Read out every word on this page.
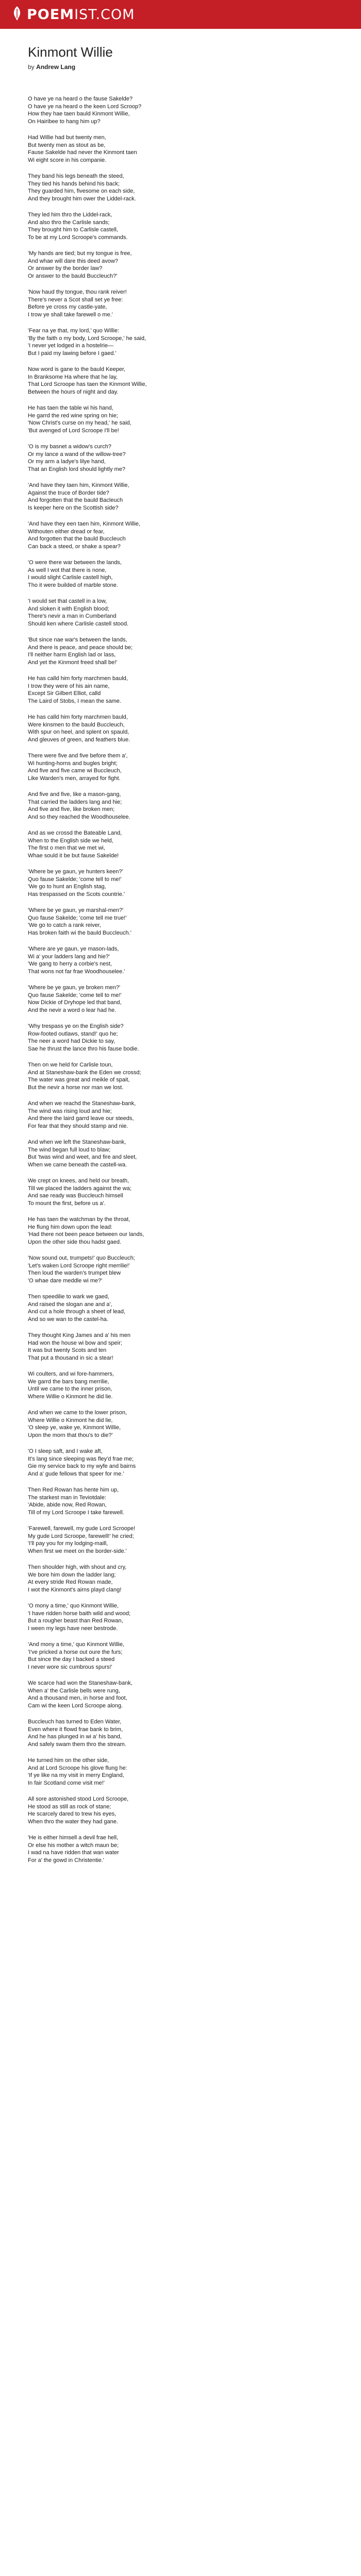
POEMIST.COM
Kinmont Willie
by Andrew Lang

O have ye na heard o the fause Sakelde?
O have ye na heard o the keen Lord Scroop?
How they hae taen bauld Kinmont Willie,
On Hairibee to hang him up?

Had Willie had but twenty men,
But twenty men as stout as be,
Fause Sakelde had never the Kinmont taen
Wi eight score in his companie.

They band his legs beneath the steed,
They tied his hands behind his back;
They guarded him, fivesome on each side,
And they brought him ower the Liddel-rack.

They led him thro the Liddel-rack,
And also thro the Carlisle sands;
They brought him to Carlisle castell,
To be at my Lord Scroope's commands.

'My hands are tied; but my tongue is free,
And whae will dare this deed avow?
Or answer by the border law?
Or answer to the bauld Buccleuch?'

'Now haud thy tongue, thou rank reiver!
There's never a Scot shall set ye free:
Before ye cross my castle-yate,
I trow ye shall take farewell o me.'

'Fear na ye that, my lord,' quo Willie:
'By the faith o my body, Lord Scroope,' he said,
'I never yet lodged in a hostelrie—
But I paid my lawing before I gaed.'

Now word is gane to the bauld Keeper,
In Branksome Ha where that he lay,
That Lord Scroope has taen the Kinmont Willie,
Between the hours of night and day.

He has taen the table wi his hand,
He garrd the red wine spring on hie;
'Now Christ's curse on my head,' he said,
'But avenged of Lord Scroope I'll be!

'O is my basnet a widow's curch?
Or my lance a wand of the willow-tree?
Or my arm a ladye's lilye hand,
That an English lord should lightly me?

'And have they taen him, Kinmont Willie,
Against the truce of Border tide?
And forgotten that the bauld Bacleuch
Is keeper here on the Scottish side?

'And have they een taen him, Kinmont Willie,
Withouten either dread or fear,
And forgotten that the bauld Buccleuch
Can back a steed, or shake a spear?

'O were there war between the lands,
As well I wot that there is none,
I would slight Carlisle castell high,
Tho it were builded of marble stone.

'I would set that castell in a low,
And sloken it with English blood;
There's nevir a man in Cumberland
Should ken where Carlisle castell stood.

'But since nae war's between the lands,
And there is peace, and peace should be;
I'll neither harm English lad or lass,
And yet the Kinmont freed shall be!'

He has calld him forty marchmen bauld,
I trow they were of his ain name,
Except Sir Gilbert Elliot, calld
The Laird of Stobs, I mean the same.

He has calld him forty marchmen bauld,
Were kinsmen to the bauld Buccleuch,
With spur on heel, and splent on spauld,
And gleuves of green, and feathers blue.

There were five and five before them a',
Wi hunting-horns and bugles bright;
And five and five came wi Buccleuch,
Like Warden's men, arrayed for fight.

And five and five, like a mason-gang,
That carried the ladders lang and hie;
And five and five, like broken men;
And so they reached the Woodhouselee.

And as we crossd the Bateable Land,
When to the English side we held,
The first o men that we met wi,
Whae sould it be but fause Sakelde!

'Where be ye gaun, ye hunters keen?'
Quo fause Sakelde; 'come tell to me!'
'We go to hunt an English stag,
Has trespassed on the Scots countrie.'

'Where be ye gaun, ye marshal-men?'
Quo fause Sakelde; 'come tell me true!'
'We go to catch a rank reiver,
Has broken faith wi the bauld Buccleuch.'

'Where are ye gaun, ye mason-lads,
Wi a' your ladders lang and hie?'
'We gang to herry a corbie's nest,
That wons not far frae Woodhouselee.'

'Where be ye gaun, ye broken men?'
Quo fause Sakelde; 'come tell to me!'
Now Dickie of Dryhope led that band,
And the nevir a word o lear had he.

'Why trespass ye on the English side?
Row-footed outlaws, stand!' quo he;
The neer a word had Dickie to say,
Sae he thrust the lance thro his fause bodie.

Then on we held for Carlisle toun,
And at Staneshaw-bank the Eden we crossd;
The water was great and meikle of spait,
But the nevir a horse nor man we lost.

And when we reachd the Staneshaw-bank,
The wind was rising loud and hie;
And there the laird garrd leave our steeds,
For fear that they should stamp and nie.

And when we left the Staneshaw-bank,
The wind began full loud to blaw;
But 'twas wind and weet, and fire and sleet,
When we came beneath the castell-wa.

We crept on knees, and held our breath,
Till we placed the ladders against the wa;
And sae ready was Buccleuch himsell
To mount the first, before us a'.

He has taen the watchman by the throat,
He flung him down upon the lead:
'Had there not been peace between our lands,
Upon the other side thou hadst gaed.

'Now sound out, trumpets!' quo Buccleuch;
'Let's waken Lord Scroope right merrilie!'
Then loud the warden's trumpet blew
'O whae dare meddle wi me?'

Then speedilie to wark we gaed,
And raised the slogan ane and a',
And cut a hole through a sheet of lead,
And so we wan to the castel-ha.

They thought King James and a' his men
Had won the house wi bow and speir;
It was but twenty Scots and ten
That put a thousand in sic a stear!

Wi coulters, and wi fore-hammers,
We garrd the bars bang merrilie,
Until we came to the inner prison,
Where Willie o Kinmont he did lie.

And when we came to the lower prison,
Where Willie o Kinmont he did lie,
'O sleep ye, wake ye, Kinmont Willie,
Upon the morn that thou's to die?'

'O I sleep saft, and I wake aft,
It's lang since sleeping was fley'd frae me;
Gie my service back to my wyfe and bairns
And a' gude fellows that speer for me.'

Then Red Rowan has hente him up,
The starkest man in Teviotdale:
'Abide, abide now, Red Rowan,
Till of my Lord Scroope I take farewell.

'Farewell, farewell, my gude Lord Scroope!
My gude Lord Scroope, farewell!' he cried;
'I'll pay you for my lodging-maill,
When first we meet on the border-side.'

Then shoulder high, with shout and cry,
We bore him down the ladder lang;
At every stride Red Rowan made,
I wot the Kinmont's airns playd clang!

'O mony a time,' quo Kinmont Willie,
'I have ridden horse baith wild and wood;
But a rougher beast than Red Rowan,
I ween my legs have neer bestrode.

'And mony a time,' quo Kinmont Willie,
'I've pricked a horse out oure the furs;
But since the day I backed a steed
I never wore sic cumbrous spurs!'

We scarce had won the Staneshaw-bank,
When a' the Carlisle bells were rung,
And a thousand men, in horse and foot,
Cam wi the keen Lord Scroope along.

Buccleuch has turned to Eden Water,
Even where it flowd frae bank to brim,
And he has plunged in wi a' his band,
And safely swam them thro the stream.

He turned him on the other side,
And at Lord Scroope his glove flung he:
'If ye like na my visit in merry England,
In fair Scotland come visit me!'

All sore astonished stood Lord Scroope,
He stood as still as rock of stane;
He scarcely dared to trew his eyes,
When thro the water they had gane.

'He is either himsell a devil frae hell,
Or else his mother a witch maun be;
I wad na have ridden that wan water
For a' the gowd in Christentie.'
